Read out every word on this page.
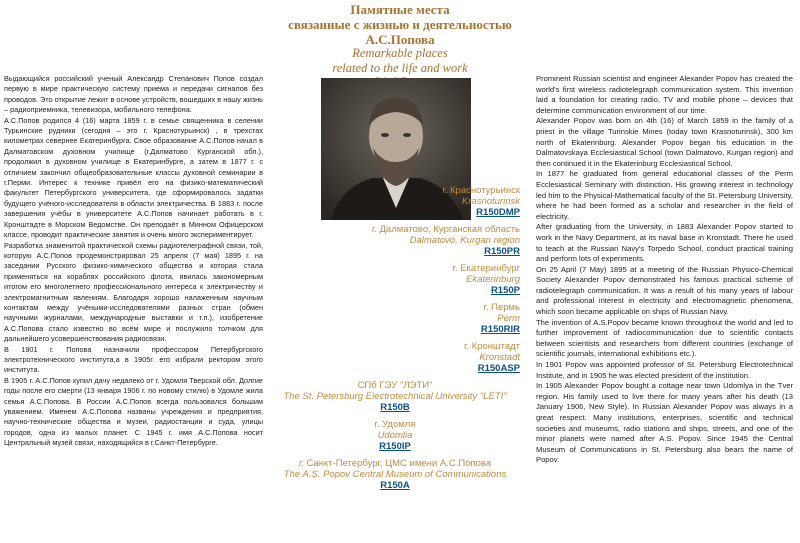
Памятные места
связанные с жизнью и деятельностью
А.С.Попова
Remarkable places
related to the life and work

Выдающийся российский ученый Александр Степанович Попов создал первую в мире практическую систему приема и передачи сигналов без проводов. Это открытие лежит в основе устройств, вошедших в нашу жизнь – радиоприемника, телевизора, мобильного телефона.

А.С.Попов родился 4 (16) марта 1859 г. в семье священника в селении Турьинские рудники (сегодня – это г. Краснотурьинск) , в трехстах километрах севернее Екатеринбурга. Свое образование А.С.Попов начал в Далматовском духовном училище (г.Далматово Курганской обл.), продолжил в духовном училище в Екатеринбурге, а затем в 1877 г. с отличием закончил общеобразовательные классы духовной семинарии в г.Перми. Интерес к технике привёл его на физико-математический факультет Петербургского университета, где сформировалось задатки будущего учёного-исследователя в области электричества. В 1883 г. после завершения учёбы в университете А.С.Попов начинает работать в г. Кронштадте в Морском Ведомстве. Он преподаёт в Минном Офицерском классе, проводит практические занятия и очень много экспериментирует.

Разработка знаменитой практической схемы радиотелеграфной связи, той, которую А.С.Попов продемонстрировал 25 апреля (7 мая) 1895 г. на заседании Русского физико-химического общества и которая стала применяться на кораблях российского флота, явилась закономерным итогом его многолетнего профессионального интереса к электричеству и электромагнитным явлениям. Благодаря хорошо налаженным научным контактам между учёными-исследователями разных стран (обмен научными журналами, международные выставки и т.п.), изобретение А.С.Попова стало известно во всём мире и послужило толчком для дальнейшего усовершенствования радиосвязи.

В 1901 г. Попова назначили профессором Петербургского электротехнического института,а в 1905г. его избрали ректором этого института.

В 1905 г. А.С.Попов купил дачу недалеко от г. Удомля Тверской обл. Долгие годы после его смерти (13 января 1906 г. по новому стилю) в Удомле жила семья А.С.Попова. В России А.С.Попов всегда пользовался большим уважением. Именем А.С.Попова названы учреждения и предприятия, научно-технические общества и музеи, радиостанции и суда, улицы городов, одна из малых планет. С 1945 г. имя А.С.Попова носит Центральный музей связи, находящийся в г.Санкт-Петербурге.

г. Краснотурьинск
Krasnoturinsk
R150DMP
г. Далматово, Курганская область
Dalmatovo, Kurgan region
R150PR
г. Екатеринбург
Ekaterinburg
R150P
г. Пермь
Perm
R150RIR
г. Кронштадт
Kronstadt
R150ASP
СПб ГЭУ "ЛЭТИ"
The St. Petersburg Electrotechnical University "LETI"
R150B
г. Удомля
Udomlia
R150IP
г. Санкт-Петербург, ЦМС имени А.С.Попова
The A.S. Popov Central Museum of Communications
R150A

Prominent Russian scientist and engineer Alexander Popov has created the world's first wireless radiotelegraph communication system. This invention laid a foundation for creating radio, TV and mobile phone – devices that determine communication environment of our time.

Alexander Popov was born on 4th (16) of March 1859 in the family of a priest in the village Turinskie Mines (today town Krasnoturinsk), 300 km north of Ekaterinburg. Alexander Popov began his education in the Dalmatovskaya Ecclesiastical School (town Dalmatovo, Kurgan region) and then continued it in the Ekaterinburg Ecclesiastical School.

In 1877 he graduated from general educational classes of the Perm Ecclesiastical Seminary with distinction. His growing interest in technology led him to the Physical-Mathematical faculty of the St. Petersburg University, where he had been formed as a scholar and researcher in the field of electricity.

After graduating from the University, in 1883 Alexander Popov started to work in the Navy Department, at its naval base in Kronstadt. There he used to teach at the Russian Navy's Torpedo School, conduct practical training and perform lots of experiments.

On 25 April (7 May) 1895 at a meeting of the Russian Physico-Chemical Society Alexander Popov demonstrated his famous practical scheme of radiotelegraph communication. It was a result of his many years of labour and professional interest in electricity and electromagnetic phenomena, which soon became applicable on ships of Russian Navy.

The invention of A.S.Popov became known throughout the world and led to further improvement of radiocommunication due to scientific contacts between scientists and researchers from different countries (exchange of scientific journals, international exhibitions etc.).

In 1901 Popov was appointed professor of St. Petersburg Electrotechnical Institute, and in 1905 he was elected president of the institution.

In 1905 Alexander Popov bought a cottage near town Udomlya in the Tver region. His family used to live there for many years after his death (13 January 1906, New Style). In Russian Alexander Popov was always in a great respect. Many institutions, enterprises, scientific and technical societies and museums, radio stations and ships, streets, and one of the minor planets were named after A.S. Popov. Since 1945 the Central Museum of Communications in St. Petersburg also bears the name of Popov.
